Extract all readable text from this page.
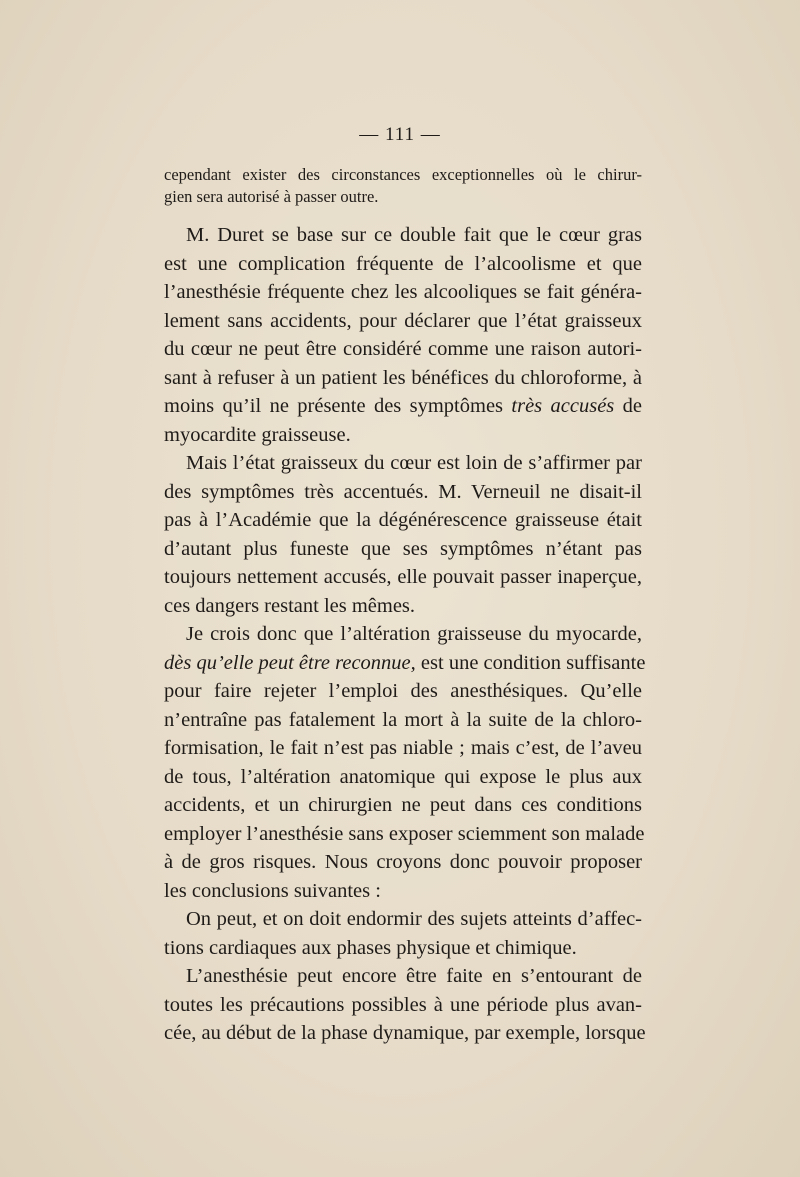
— 111 —
cependant exister des circonstances exceptionnelles où le chirur-
gien sera autorisé à passer outre.
M. Duret se base sur ce double fait que le cœur gras
est une complication fréquente de l’alcoolisme et que
l’anesthésie fréquente chez les alcooliques se fait généra-
lement sans accidents, pour déclarer que l’état graisseux
du cœur ne peut être considéré comme une raison autori-
sant à refuser à un patient les bénéfices du chloroforme, à
moins qu’il ne présente des symptômes très accusés de
myocardite graisseuse.
Mais l’état graisseux du cœur est loin de s’affirmer par
des symptômes très accentués. M. Verneuil ne disait-il
pas à l’Académie que la dégénérescence graisseuse était
d’autant plus funeste que ses symptômes n’étant pas
toujours nettement accusés, elle pouvait passer inaperçue,
ces dangers restant les mêmes.
Je crois donc que l’altération graisseuse du myocarde,
dès qu’elle peut être reconnue, est une condition suffisante
pour faire rejeter l’emploi des anesthésiques. Qu’elle
n’entraîne pas fatalement la mort à la suite de la chloro-
formisation, le fait n’est pas niable ; mais c’est, de l’aveu
de tous, l’altération anatomique qui expose le plus aux
accidents, et un chirurgien ne peut dans ces conditions
employer l’anesthésie sans exposer sciemment son malade
à de gros risques. Nous croyons donc pouvoir proposer
les conclusions suivantes :
On peut, et on doit endormir des sujets atteints d’affec-
tions cardiaques aux phases physique et chimique.
L’anesthésie peut encore être faite en s’entourant de
toutes les précautions possibles à une période plus avan-
cée, au début de la phase dynamique, par exemple, lorsque
